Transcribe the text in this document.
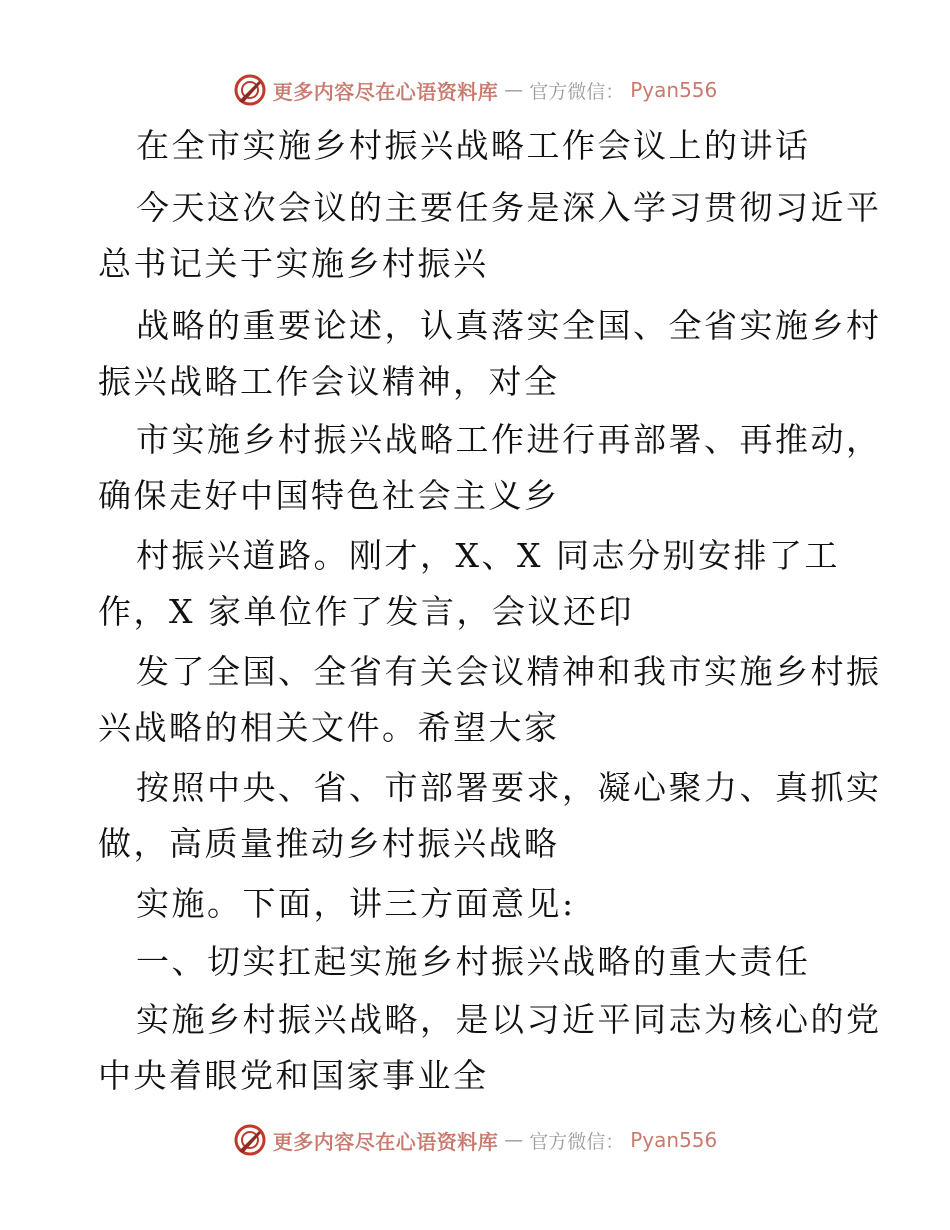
更多内容尽在心语资料库 — 官方微信： Pyan556
在全市实施乡村振兴战略工作会议上的讲话
今天这次会议的主要任务是深入学习贯彻习近平
总书记关于实施乡村振兴
战略的重要论述，认真落实全国、全省实施乡村
振兴战略工作会议精神，对全
市实施乡村振兴战略工作进行再部署、再推动，
确保走好中国特色社会主义乡
村振兴道路。刚才，X、X 同志分别安排了工
作，X 家单位作了发言，会议还印
发了全国、全省有关会议精神和我市实施乡村振
兴战略的相关文件。希望大家
按照中央、省、市部署要求，凝心聚力、真抓实
做，高质量推动乡村振兴战略
实施。下面，讲三方面意见:
一、切实扛起实施乡村振兴战略的重大责任
实施乡村振兴战略，是以习近平同志为核心的党
中央着眼党和国家事业全
更多内容尽在心语资料库 — 官方微信： Pyan556
